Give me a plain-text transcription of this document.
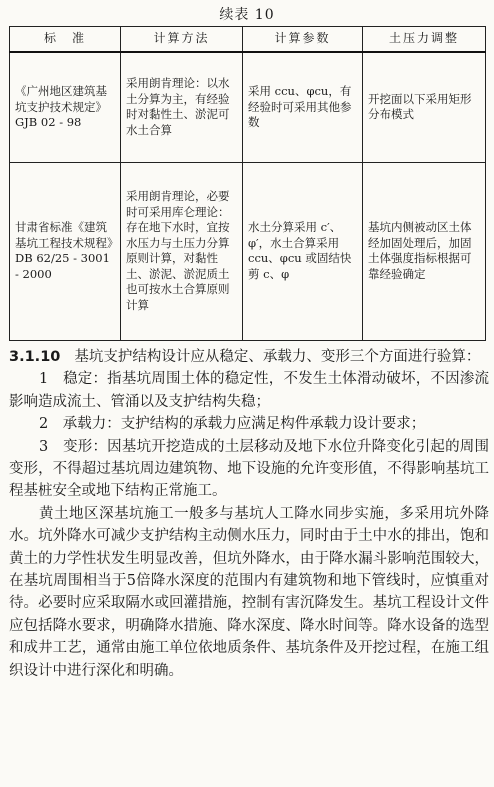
续表 10
标　准	计算方法	计算参数	土压力调整
《广州地区建筑基坑支护技术规定》GJB 02 - 98	采用朗肯理论：以水土分算为主，有经验时对黏性土、淤泥可水土合算	采用 ccu、φcu，有经验时可采用其他参数	开挖面以下采用矩形分布模式
甘肃省标准《建筑基坑工程技术规程》DB 62/25 - 3001 - 2000	采用朗肯理论，必要时可采用库仑理论：存在地下水时，宜按水压力与土压力分算原则计算，对黏性土、淤泥、淤泥质土也可按水土合算原则计算	水土分算采用 c′、φ′，水土合算采用 ccu、φcu 或固结快剪 c、φ	基坑内侧被动区土体经加固处理后，加固土体强度指标根据可靠经验确定

3.1.10 基坑支护结构设计应从稳定、承载力、变形三个方面进行验算：

1　稳定：指基坑周围土体的稳定性，不发生土体滑动破坏，不因渗流影响造成流土、管涌以及支护结构失稳；

2　承载力：支护结构的承载力应满足构件承载力设计要求；

3　变形：因基坑开挖造成的土层移动及地下水位升降变化引起的周围变形，不得超过基坑周边建筑物、地下设施的允许变形值，不得影响基坑工程基桩安全或地下结构正常施工。

黄土地区深基坑施工一般多与基坑人工降水同步实施，多采用坑外降水。坑外降水可减少支护结构主动侧水压力，同时由于土中水的排出，饱和黄土的力学性状发生明显改善，但坑外降水，由于降水漏斗影响范围较大，在基坑周围相当于5倍降水深度的范围内有建筑物和地下管线时，应慎重对待。必要时应采取隔水或回灌措施，控制有害沉降发生。基坑工程设计文件应包括降水要求，明确降水措施、降水深度、降水时间等。降水设备的选型和成井工艺，通常由施工单位依地质条件、基坑条件及开挖过程，在施工组织设计中进行深化和明确。
